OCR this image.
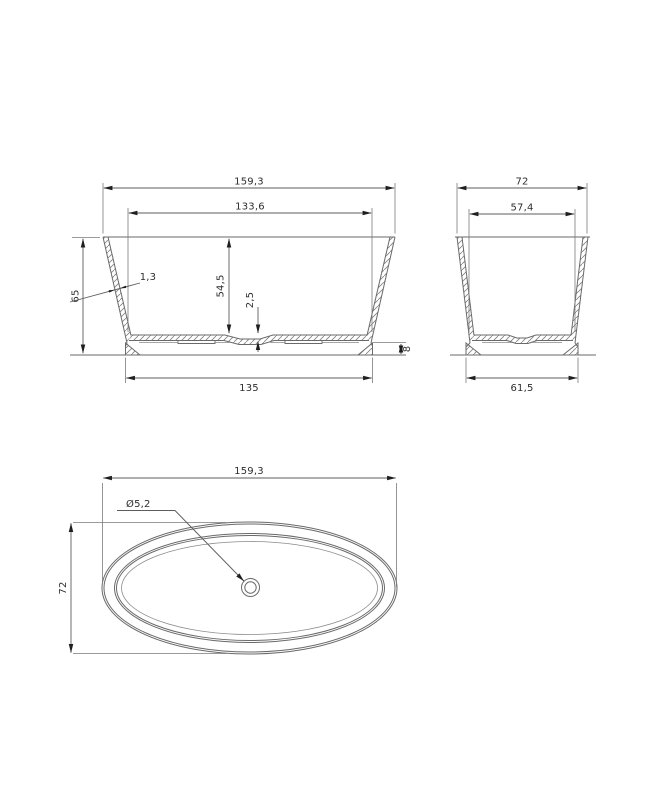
159,3
133,6
65	54,5
2,5
1,3
8
135
72
57,4
61,5
159,3
72
Ø5,2
